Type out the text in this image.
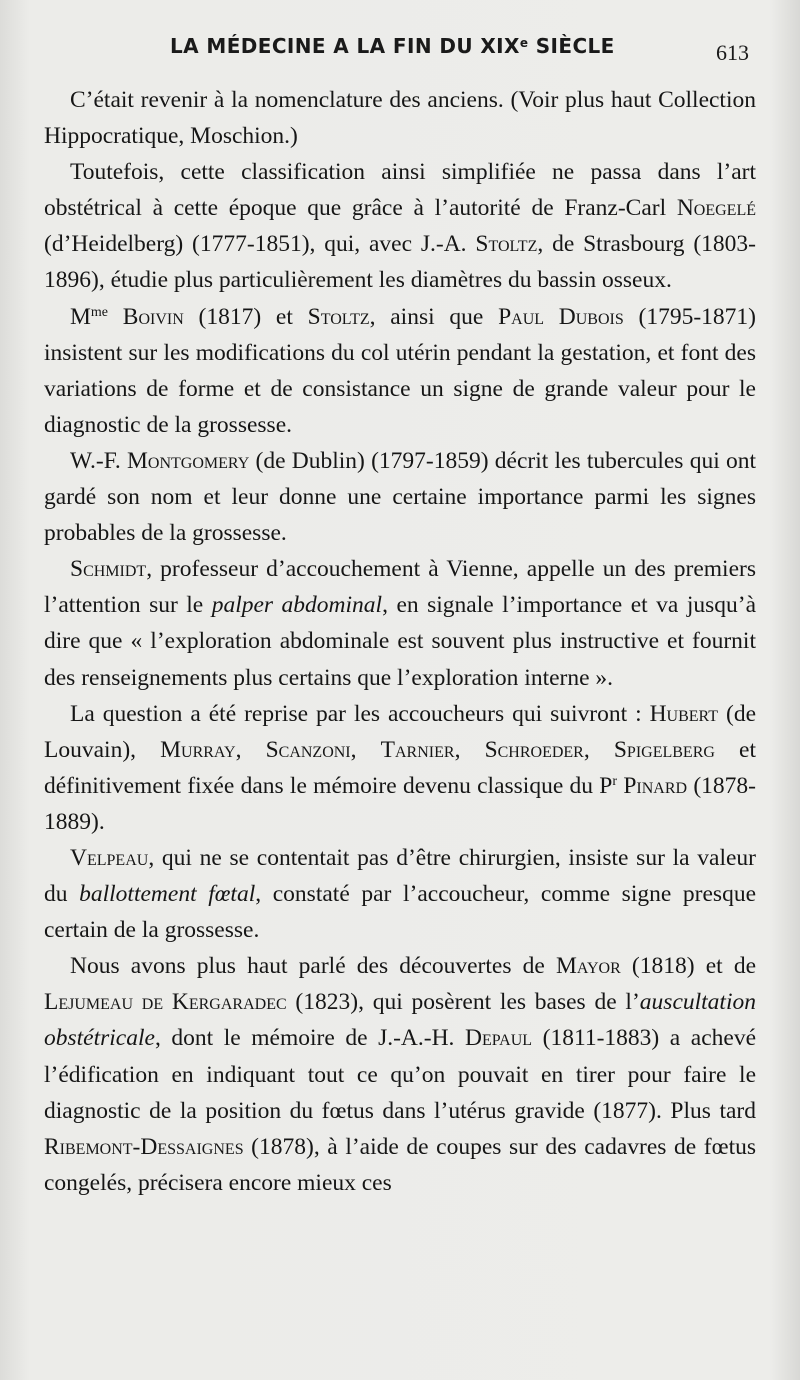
LA MÉDECINE A LA FIN DU XIXe SIÈCLE	613

C’était revenir à la nomenclature des anciens. (Voir plus haut Collection Hippocratique, Moschion.)

Toutefois, cette classification ainsi simplifiée ne passa dans l’art obstétrical à cette époque que grâce à l’autorité de Franz-Carl Noegelé (d’Heidelberg) (1777-1851), qui, avec J.-A. Stoltz, de Strasbourg (1803-1896), étudie plus particulièrement les diamètres du bassin osseux.

$M^{me}$ Boivin (1817) et Stoltz, ainsi que Paul Dubois (1795-1871) insistent sur les modifications du col utérin pendant la gestation, et font des variations de forme et de consistance un signe de grande valeur pour le diagnostic de la grossesse.

W.-F. Montgomery (de Dublin) (1797-1859) décrit les tubercules qui ont gardé son nom et leur donne une certaine importance parmi les signes probables de la grossesse.

Schmidt, professeur d’accouchement à Vienne, appelle un des premiers l’attention sur le palper abdominal, en signale l’importance et va jusqu’à dire que « l’exploration abdominale est souvent plus instructive et fournit des renseignements plus certains que l’exploration interne ».

La question a été reprise par les accoucheurs qui suivront : Hubert (de Louvain), Murray, Scanzoni, Tarnier, Schroeder, Spigelberg et définitivement fixée dans le mémoire devenu classique du $P^r$ Pinard (1878-1889).

Velpeau, qui ne se contentait pas d’être chirurgien, insiste sur la valeur du ballottement fœtal, constaté par l’accoucheur, comme signe presque certain de la grossesse.

Nous avons plus haut parlé des découvertes de Mayor (1818) et de Lejumeau de Kergaradec (1823), qui posèrent les bases de l’auscultation obstétricale, dont le mémoire de J.-A.-H. Depaul (1811-1883) a achevé l’édification en indiquant tout ce qu’on pouvait en tirer pour faire le diagnostic de la position du fœtus dans l’utérus gravide (1877). Plus tard Ribemont-Dessaignes (1878), à l’aide de coupes sur des cadavres de fœtus congelés, précisera encore mieux ces
